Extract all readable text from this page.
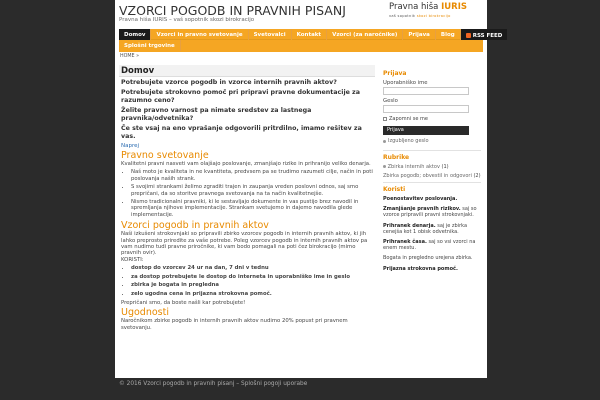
VZORCI POGODB IN PRAVNIH PISANJ
Pravna hiša IURIS – vaš sopotnik skozi birokracijo
Pravna hiša IURIS
vaš sopotnik skozi birokracijo
Domov	Vzorci in pravno svetovanje	Svetovalci	Kontakt	Vzorci (za naročnike)	Prijava	Blog	RSS FEED
Splošni trgovine
HOME »
Domov

Potrebujete vzorce pogodb in vzorce internih pravnih aktov?

Potrebujete strokovno pomoč pri pripravi pravne dokumentacije za razumno ceno?

Želite pravno varnost pa nimate sredstev za lastnega pravnika/odvetnika?

Če ste vsaj na eno vprašanje odgovorili pritrdilno, imamo rešitev za vas.

Naprej
Pravno svetovanje
Kvalitetni pravni nasveti vam olajšajo poslovanje, zmanjšajo rizike in prihranijo veliko denarja.
• Naš moto je kvaliteta in ne kvantiteta, predvsem pa se trudimo razumeti cilje, način in poti poslovanja naših strank.
• S svojimi strankami želimo zgraditi trajen in zaupanja vreden poslovni odnos, saj smo prepričani, da so storitve pravnega svetovanja na ta način kvalitetnejše.
• Nismo tradicionalni pravniki, ki le sestavljajo dokumente in vas pustijo brez navodil in spremljanja njihove implementacije. Strankam svetujemo in dajemo navodila glede implementacije.
Vzorci pogodb in pravnih aktov
Naši izkušeni strokovnjaki so pripravili zbirko vzorcev pogodb in internih pravnih aktov, ki jih lahko preprosto priredite za vaše potrebe. Poleg vzorcev pogodb in internih pravnih aktov pa vam nudimo tudi pravne priročnike, ki vam bodo pomagali na poti čez birokracijo (mimo pravnih ovir).
KORISTI:
• dostop do vzorcev 24 ur na dan, 7 dni v tednu
• za dostop potrebujete le dostop do interneta in uporabniško ime in geslo
• zbirka je bogata in pregledna
• zelo ugodna cena in prijazna strokovna pomoč.
Prepričani smo, da boste našli kar potrebujete!
Ugodnosti
Naročnikom zbirke pogodb in internih pravnih aktov nudimo 20% popust pri pravnem svetovanju.
Prijava
Uporabniško ime
Geslo
Zapomni se me
Prijava
Izgubljeno geslo
Rubrike
Zbirka internih aktov (1)
Zbirka pogodb; obvestil in odgovori (2)
Koristi
Poenostavitev poslovanja.
Zmanjšanje pravnih rizikov. saj so vzorce pripravili pravni strokovnjaki.
Prihranek denarja. saj je zbirka cenejša kot 1 obisk odvetnika.
Prihranek časa. saj so vsi vzorci na enem mestu.
Bogata in pregledno urejena zbirka.
Prijazna strokovna pomoč.
© 2016 Vzorci pogodb in pravnih pisanj – Splošni pogoji uporabe
